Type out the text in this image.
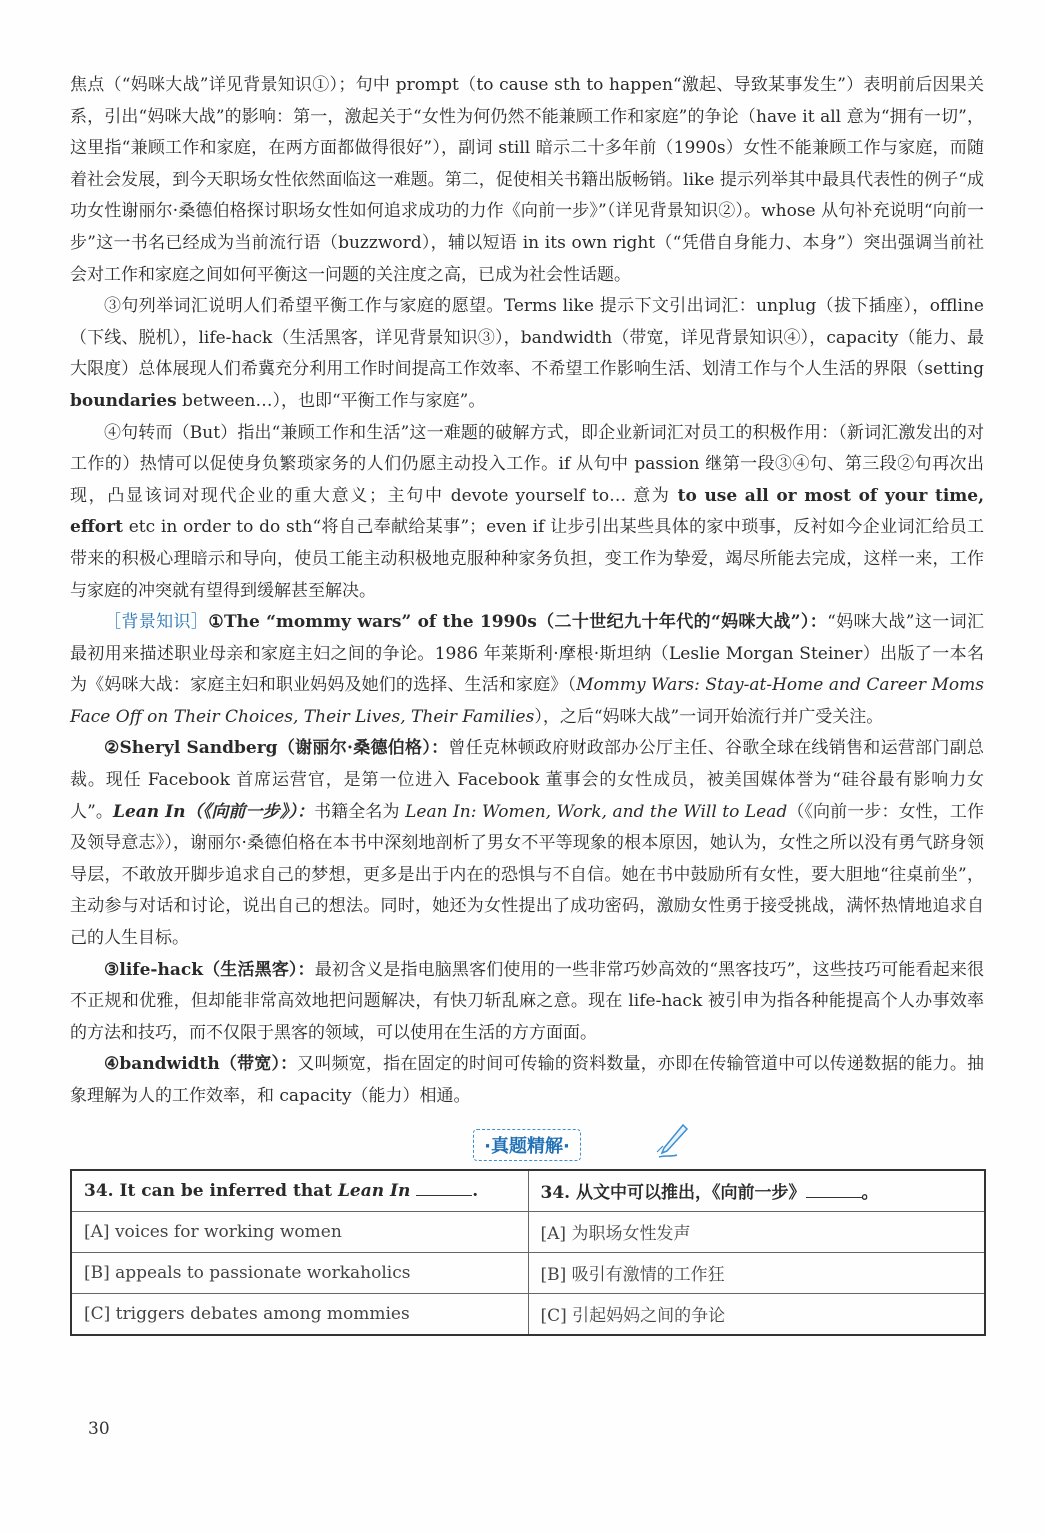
焦点（“妈咪大战”详见背景知识①）；句中 prompt（to cause sth to happen“激起、导致某事发生”）表明前后因果关系，引出“妈咪大战”的影响：第一，激起关于“女性为何仍然不能兼顾工作和家庭”的争论（have it all 意为“拥有一切”，这里指“兼顾工作和家庭，在两方面都做得很好”），副词 still 暗示二十多年前（1990s）女性不能兼顾工作与家庭，而随着社会发展，到今天职场女性依然面临这一难题。第二，促使相关书籍出版畅销。like 提示列举其中最具代表性的例子“成功女性谢丽尔·桑德伯格探讨职场女性如何追求成功的力作《向前一步》”（详见背景知识②）。whose 从句补充说明“向前一步”这一书名已经成为当前流行语（buzzword），辅以短语 in its own right（“凭借自身能力、本身”）突出强调当前社会对工作和家庭之间如何平衡这一问题的关注度之高，已成为社会性话题。

③句列举词汇说明人们希望平衡工作与家庭的愿望。Terms like 提示下文引出词汇：unplug（拔下插座），offline（下线、脱机），life-hack（生活黑客，详见背景知识③），bandwidth（带宽，详见背景知识④），capacity（能力、最大限度）总体展现人们希冀充分利用工作时间提高工作效率、不希望工作影响生活、划清工作与个人生活的界限（setting boundaries between…），也即“平衡工作与家庭”。

④句转而（But）指出“兼顾工作和生活”这一难题的破解方式，即企业新词汇对员工的积极作用：（新词汇激发出的对工作的）热情可以促使身负繁琐家务的人们仍愿主动投入工作。if 从句中 passion 继第一段③④句、第三段②句再次出现，凸显该词对现代企业的重大意义；主句中 devote yourself to… 意为 to use all or most of your time, effort etc in order to do sth“将自己奉献给某事”；even if 让步引出某些具体的家中琐事，反衬如今企业词汇给员工带来的积极心理暗示和导向，使员工能主动积极地克服种种家务负担，变工作为挚爱，竭尽所能去完成，这样一来，工作与家庭的冲突就有望得到缓解甚至解决。

［背景知识］①The “mommy wars” of the 1990s（二十世纪九十年代的“妈咪大战”）：“妈咪大战”这一词汇最初用来描述职业母亲和家庭主妇之间的争论。1986 年莱斯利·摩根·斯坦纳（Leslie Morgan Steiner）出版了一本名为《妈咪大战：家庭主妇和职业妈妈及她们的选择、生活和家庭》（Mommy Wars: Stay-at-Home and Career Moms Face Off on Their Choices, Their Lives, Their Families），之后“妈咪大战”一词开始流行并广受关注。

②Sheryl Sandberg（谢丽尔·桑德伯格）：曾任克林顿政府财政部办公厅主任、谷歌全球在线销售和运营部门副总裁。现任 Facebook 首席运营官，是第一位进入 Facebook 董事会的女性成员，被美国媒体誉为“硅谷最有影响力女人”。Lean In（《向前一步》）：书籍全名为 Lean In: Women, Work, and the Will to Lead（《向前一步：女性，工作及领导意志》），谢丽尔·桑德伯格在本书中深刻地剖析了男女不平等现象的根本原因，她认为，女性之所以没有勇气跻身领导层，不敢放开脚步追求自己的梦想，更多是出于内在的恐惧与不自信。她在书中鼓励所有女性，要大胆地“往桌前坐”，主动参与对话和讨论，说出自己的想法。同时，她还为女性提出了成功密码，激励女性勇于接受挑战，满怀热情地追求自己的人生目标。

③life-hack（生活黑客）：最初含义是指电脑黑客们使用的一些非常巧妙高效的“黑客技巧”，这些技巧可能看起来很不正规和优雅，但却能非常高效地把问题解决，有快刀斩乱麻之意。现在 life-hack 被引申为指各种能提高个人办事效率的方法和技巧，而不仅限于黑客的领域，可以使用在生活的方方面面。

④bandwidth（带宽）：又叫频宽，指在固定的时间可传输的资料数量，亦即在传输管道中可以传递数据的能力。抽象理解为人的工作效率，和 capacity（能力）相通。

·真题精解·
34. It can be inferred that Lean In .	34. 从文中可以推出，《向前一步》 。
[A] voices for working women	[A] 为职场女性发声
[B] appeals to passionate workaholics	[B] 吸引有激情的工作狂
[C] triggers debates among mommies	[C] 引起妈妈之间的争论
30
